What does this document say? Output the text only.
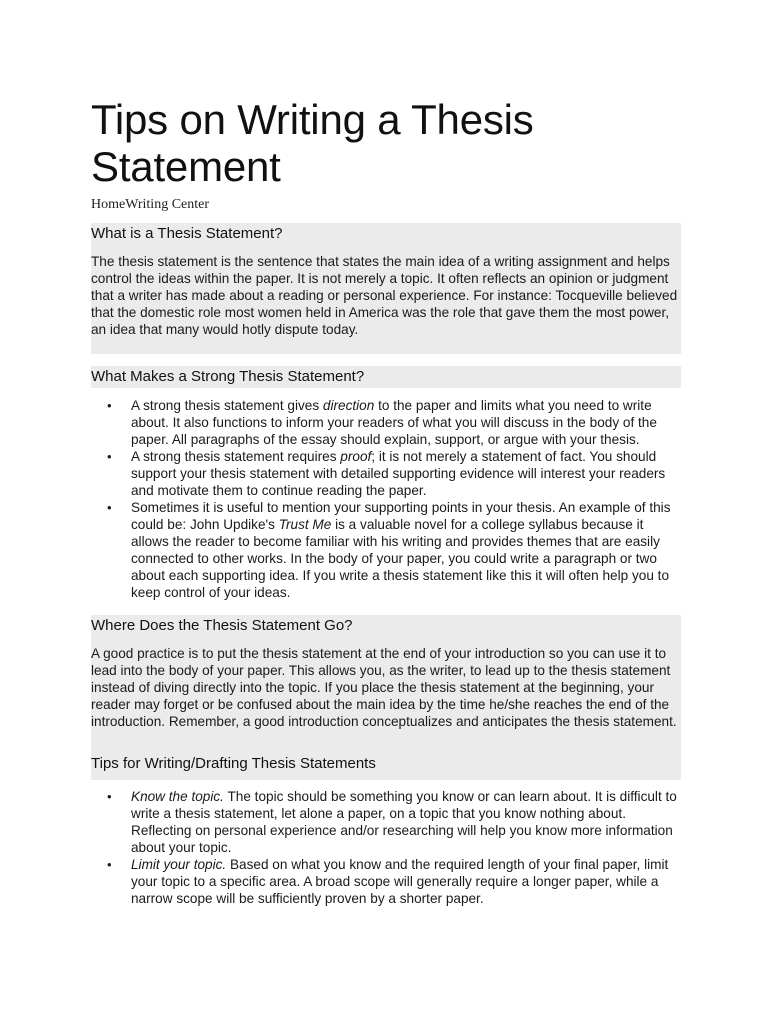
Tips on Writing a Thesis Statement
HomeWriting Center
What is a Thesis Statement?

The thesis statement is the sentence that states the main idea of a writing assignment and helps control the ideas within the paper. It is not merely a topic. It often reflects an opinion or judgment that a writer has made about a reading or personal experience. For instance: Tocqueville believed that the domestic role most women held in America was the role that gave them the most power, an idea that many would hotly dispute today.

What Makes a Strong Thesis Statement?
• A strong thesis statement gives direction to the paper and limits what you need to write about. It also functions to inform your readers of what you will discuss in the body of the paper. All paragraphs of the essay should explain, support, or argue with your thesis.
• A strong thesis statement requires proof; it is not merely a statement of fact. You should support your thesis statement with detailed supporting evidence will interest your readers and motivate them to continue reading the paper.
• Sometimes it is useful to mention your supporting points in your thesis. An example of this could be: John Updike's Trust Me is a valuable novel for a college syllabus because it allows the reader to become familiar with his writing and provides themes that are easily connected to other works. In the body of your paper, you could write a paragraph or two about each supporting idea. If you write a thesis statement like this it will often help you to keep control of your ideas.
Where Does the Thesis Statement Go?

A good practice is to put the thesis statement at the end of your introduction so you can use it to lead into the body of your paper. This allows you, as the writer, to lead up to the thesis statement instead of diving directly into the topic. If you place the thesis statement at the beginning, your reader may forget or be confused about the main idea by the time he/she reaches the end of the introduction. Remember, a good introduction conceptualizes and anticipates the thesis statement.

Tips for Writing/Drafting Thesis Statements
• Know the topic. The topic should be something you know or can learn about. It is difficult to write a thesis statement, let alone a paper, on a topic that you know nothing about. Reflecting on personal experience and/or researching will help you know more information about your topic.
• Limit your topic. Based on what you know and the required length of your final paper, limit your topic to a specific area. A broad scope will generally require a longer paper, while a narrow scope will be sufficiently proven by a shorter paper.
